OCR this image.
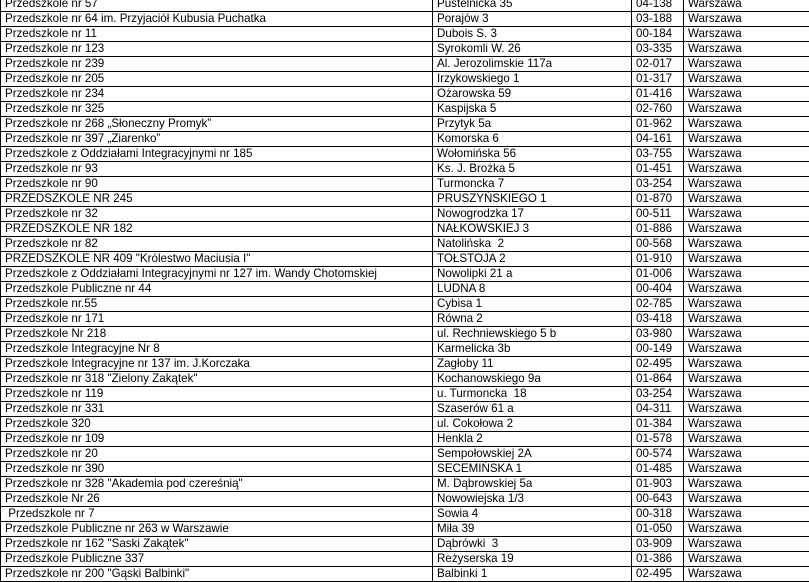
Przedszkole nr 57	Pustelnicka 35	04-138	Warszawa
Przedszkole nr 64 im. Przyjaciół Kubusia Puchatka	Porajów 3	03-188	Warszawa
Przedszkole nr 11	Dubois S. 3	00-184	Warszawa
Przedszkole nr 123	Syrokomli W. 26	03-335	Warszawa
Przedszkole nr 239	Al. Jerozolimskie 117a	02-017	Warszawa
Przedszkole nr 205	Irzykowskiego 1	01-317	Warszawa
Przedszkole nr 234	Ożarowska 59	01-416	Warszawa
Przedszkole nr 325	Kaspijska 5	02-760	Warszawa
Przedszkole nr 268 „Słoneczny Promyk”	Przytyk 5a	01-962	Warszawa
Przedszkole nr 397 „Ziarenko”	Komorska 6	04-161	Warszawa
Przedszkole z Oddziałami Integracyjnymi nr 185	Wołomińska 56	03-755	Warszawa
Przedszkole nr 93	Ks. J. Brożka 5	01-451	Warszawa
Przedszkole nr 90	Turmoncka 7	03-254	Warszawa
PRZEDSZKOLE NR 245	PRUSZYŃSKIEGO 1	01-870	Warszawa
Przedszkole nr 32	Nowogrodzka 17	00-511	Warszawa
PRZEDSZKOLE NR 182	NAŁKOWSKIEJ 3	01-886	Warszawa
Przedszkole nr 82	Natolińska  2	00-568	Warszawa
PRZEDSZKOLE NR 409 "Królestwo Maciusia I"	TOŁSTOJA 2	01-910	Warszawa
Przedszkole z Oddziałami Integracyjnymi nr 127 im. Wandy Chotomskiej	Nowolipki 21 a	01-006	Warszawa
Przedszkole Publiczne nr 44	LUDNA 8	00-404	Warszawa
Przedszkole nr.55	Cybisa 1	02-785	Warszawa
Przedszkole nr 171	Równa 2	03-418	Warszawa
Przedszkole Nr 218	ul. Rechniewskiego 5 b	03-980	Warszawa
Przedszkole Integracyjne Nr 8	Karmelicka 3b	00-149	Warszawa
Przedszkole Integracyjne nr 137 im. J.Korczaka	Zagłoby 11	02-495	Warszawa
Przedszkole nr 318 "Zielony Zakątek"	Kochanowskiego 9a	01-864	Warszawa
Przedszkole nr 119	u. Turmoncka  18	03-254	Warszawa
Przedszkole nr 331	Szaserów 61 a	04-311	Warszawa
Przedszkole 320	ul. Cokołowa 2	01-384	Warszawa
Przedszkole nr 109	Henkla 2	01-578	Warszawa
Przedszkole nr 20	Sempołowskiej 2A	00-574	Warszawa
Przedszkole nr 390	SECEMIŃSKA 1	01-485	Warszawa
Przedszkole nr 328 "Akademia pod czereśnią"	M. Dąbrowskiej 5a	01-903	Warszawa
Przedszkole Nr 26	Nowowiejska 1/3	00-643	Warszawa
Przedszkole nr 7	Sowia 4	00-318	Warszawa
Przedszkole Publiczne nr 263 w Warszawie	Miła 39	01-050	Warszawa
Przedszkole nr 162 "Saski Zakątek"	Dąbrówki  3	03-909	Warszawa
Przedszkole Publiczne 337	Reżyserska 19	01-386	Warszawa
Przedszkole nr 200 "Gąski Balbinki"	Balbinki 1	02-495	Warszawa
